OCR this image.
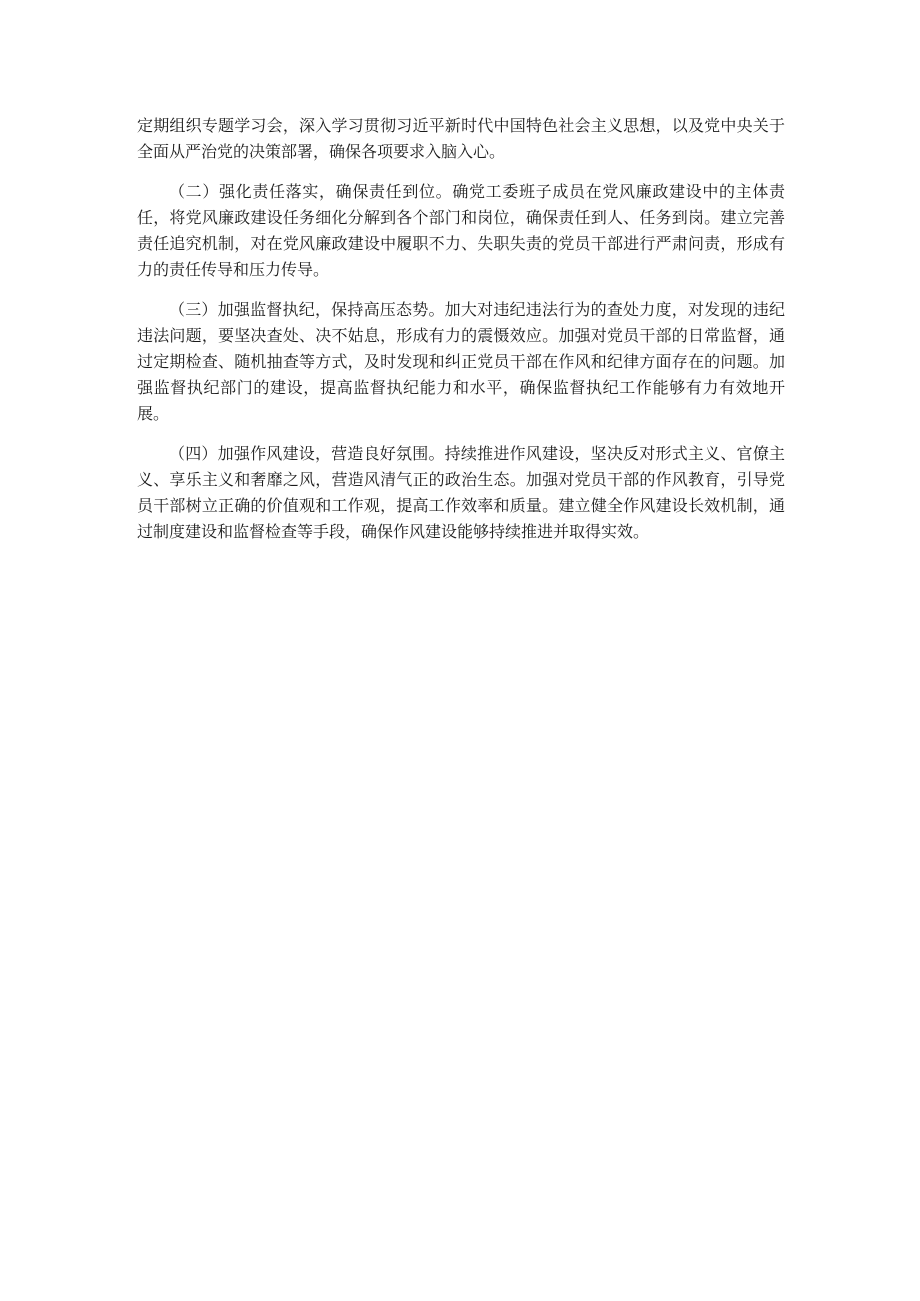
定期组织专题学习会，深入学习贯彻习近平新时代中国特色社会主义思想，以及党中央关于全面从严治党的决策部署，确保各项要求入脑入心。

（二）强化责任落实，确保责任到位。确党工委班子成员在党风廉政建设中的主体责任，将党风廉政建设任务细化分解到各个部门和岗位，确保责任到人、任务到岗。建立完善责任追究机制，对在党风廉政建设中履职不力、失职失责的党员干部进行严肃问责，形成有力的责任传导和压力传导。

（三）加强监督执纪，保持高压态势。加大对违纪违法行为的查处力度，对发现的违纪违法问题，要坚决查处、决不姑息，形成有力的震慑效应。加强对党员干部的日常监督，通过定期检查、随机抽查等方式，及时发现和纠正党员干部在作风和纪律方面存在的问题。加强监督执纪部门的建设，提高监督执纪能力和水平，确保监督执纪工作能够有力有效地开展。

（四）加强作风建设，营造良好氛围。持续推进作风建设，坚决反对形式主义、官僚主义、享乐主义和奢靡之风，营造风清气正的政治生态。加强对党员干部的作风教育，引导党员干部树立正确的价值观和工作观，提高工作效率和质量。建立健全作风建设长效机制，通过制度建设和监督检查等手段，确保作风建设能够持续推进并取得实效。
